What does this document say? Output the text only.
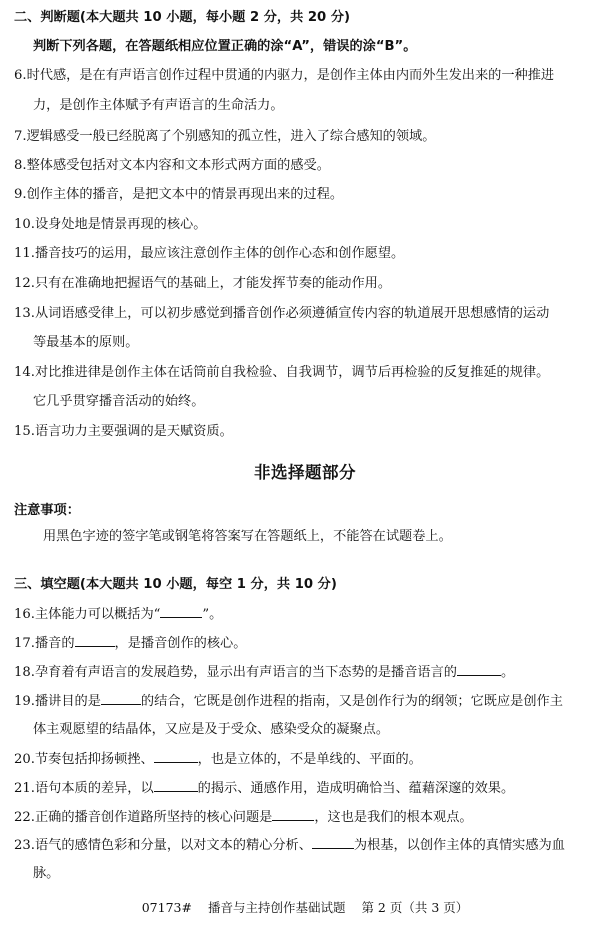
二、判断题(本大题共 10 小题，每小题 2 分，共 20 分)
判断下列各题，在答题纸相应位置正确的涂“A”，错误的涂“B”。
6.时代感，是在有声语言创作过程中贯通的内驱力，是创作主体由内而外生发出来的一种推进
力，是创作主体赋予有声语言的生命活力。
7.逻辑感受一般已经脱离了个别感知的孤立性，进入了综合感知的领域。
8.整体感受包括对文本内容和文本形式两方面的感受。
9.创作主体的播音，是把文本中的情景再现出来的过程。
10.设身处地是情景再现的核心。
11.播音技巧的运用，最应该注意创作主体的创作心态和创作愿望。
12.只有在准确地把握语气的基础上，才能发挥节奏的能动作用。
13.从词语感受律上，可以初步感觉到播音创作必须遵循宣传内容的轨道展开思想感情的运动
等最基本的原则。
14.对比推进律是创作主体在话筒前自我检验、自我调节，调节后再检验的反复推延的规律。
它几乎贯穿播音活动的始终。
15.语言功力主要强调的是天赋资质。
非选择题部分
注意事项：
用黑色字迹的签字笔或钢笔将答案写在答题纸上，不能答在试题卷上。
三、填空题(本大题共 10 小题，每空 1 分，共 10 分)
16.主体能力可以概括为“	”。
17.播音的	，是播音创作的核心。
18.孕育着有声语言的发展趋势，显示出有声语言的当下态势的是播音语言的	。
19.播讲目的是	的结合，它既是创作进程的指南，又是创作行为的纲领；它既应是创作主
体主观愿望的结晶体，又应是及于受众、感染受众的凝聚点。
20.节奏包括抑扬顿挫、	，也是立体的，不是单线的、平面的。
21.语句本质的差异，以	的揭示、通感作用，造成明确恰当、蕴藉深邃的效果。
22.正确的播音创作道路所坚持的核心问题是	，这也是我们的根本观点。
23.语气的感情色彩和分量，以对文本的精心分析、	为根基，以创作主体的真情实感为血
脉。
07173# 播音与主持创作基础试题 第 2 页（共 3 页）
